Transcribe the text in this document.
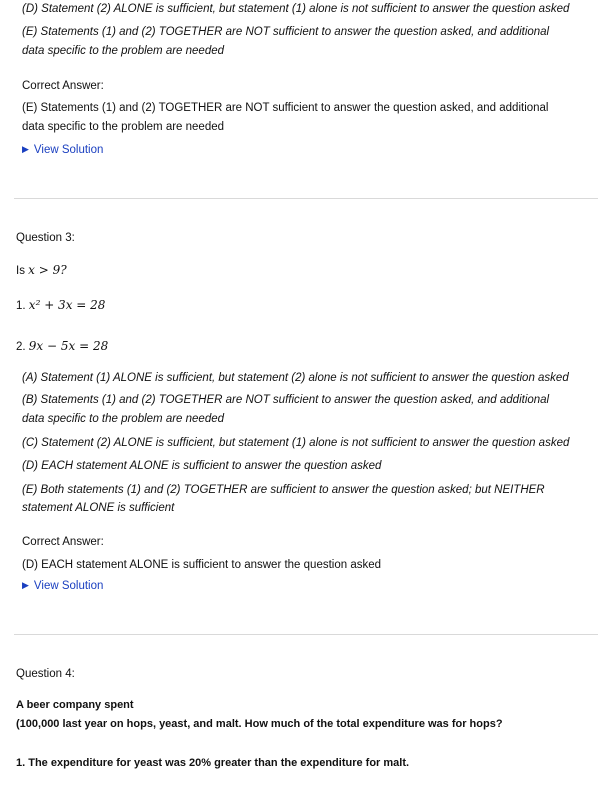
(D) Statement (2) ALONE is sufficient, but statement (1) alone is not sufficient to answer the question asked
(E) Statements (1) and (2) TOGETHER are NOT sufficient to answer the question asked, and additional
data specific to the problem are needed
Correct Answer:
(E) Statements (1) and (2) TOGETHER are NOT sufficient to answer the question asked, and additional
data specific to the problem are needed
▶ View Solution
Question 3:
Is x > 9?
1. x² + 3x = 28
2. 9x − 5x = 28
(A) Statement (1) ALONE is sufficient, but statement (2) alone is not sufficient to answer the question asked
(B) Statements (1) and (2) TOGETHER are NOT sufficient to answer the question asked, and additional
data specific to the problem are needed
(C) Statement (2) ALONE is sufficient, but statement (1) alone is not sufficient to answer the question asked
(D) EACH statement ALONE is sufficient to answer the question asked
(E) Both statements (1) and (2) TOGETHER are sufficient to answer the question asked; but NEITHER
statement ALONE is sufficient
Correct Answer:
(D) EACH statement ALONE is sufficient to answer the question asked
▶ View Solution
Question 4:
A beer company spent
(100,000 last year on hops, yeast, and malt. How much of the total expenditure was for hops?
1. The expenditure for yeast was 20% greater than the expenditure for malt.
